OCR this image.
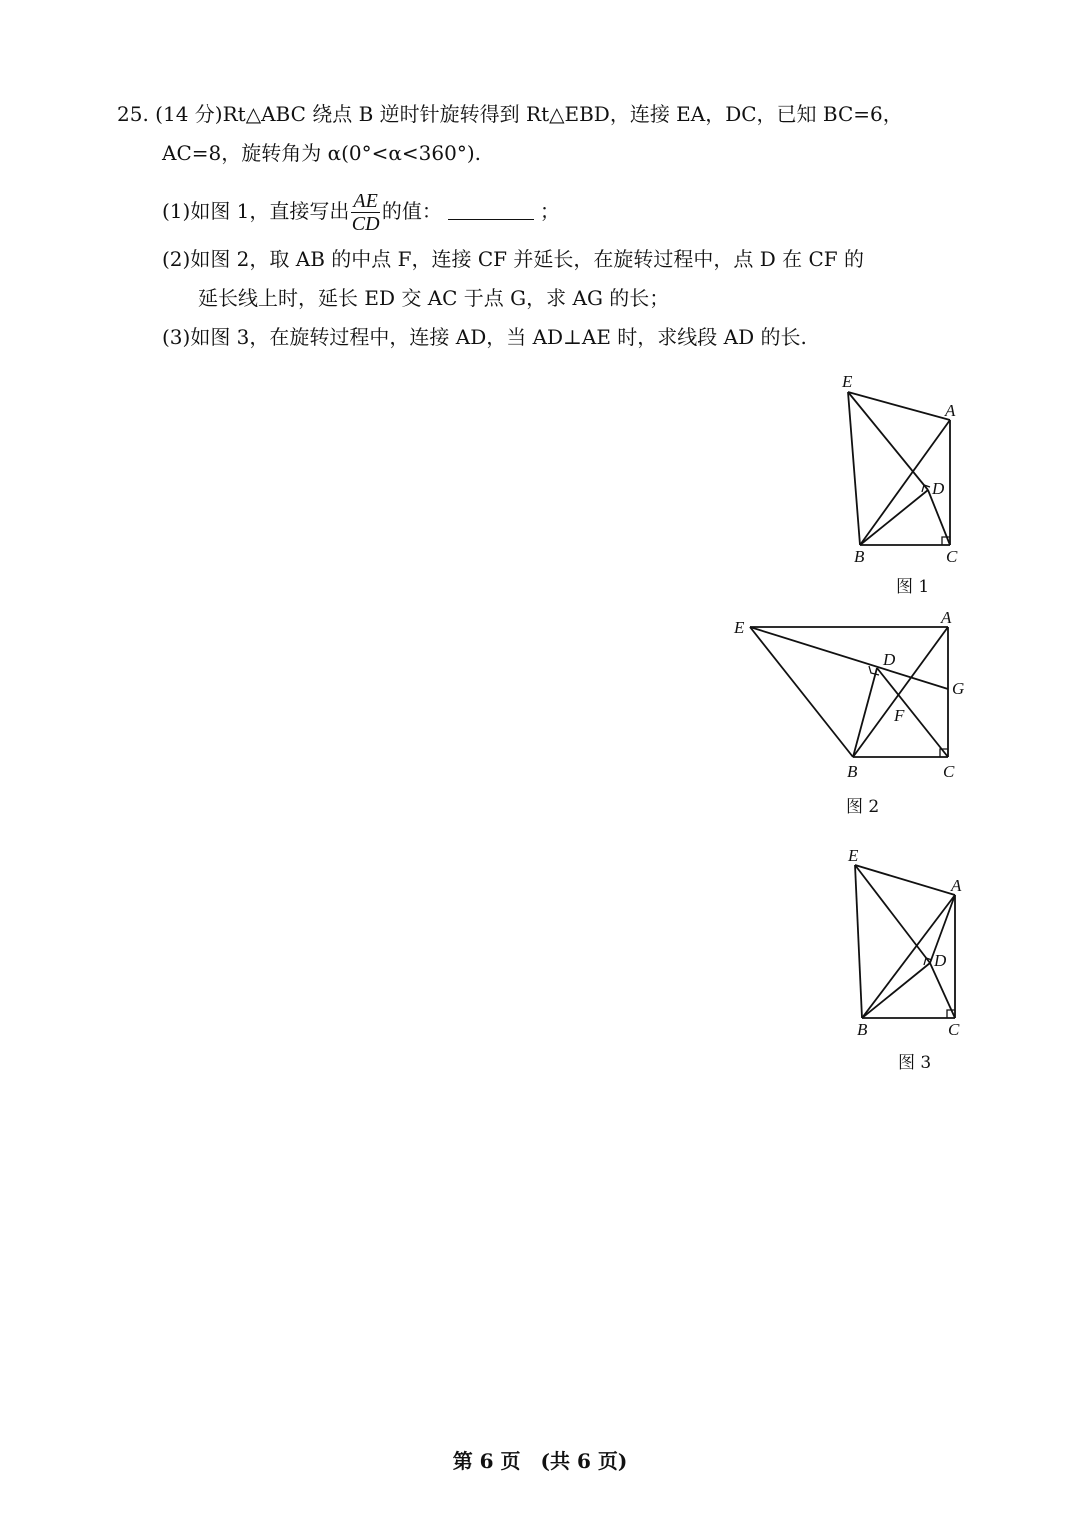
25. (14 分)Rt△ABC 绕点 B 逆时针旋转得到 Rt△EBD，连接 EA，DC，已知 BC=6，
AC=8，旋转角为 α(0°<α<360°).
(1)如图 1，直接写出 $\frac{AE}{CD}$ 的值：	；
(2)如图 2，取 AB 的中点 F，连接 CF 并延长，在旋转过程中，点 D 在 CF 的
延长线上时，延长 ED 交 AC 于点 G，求 AG 的长；
(3)如图 3，在旋转过程中，连接 AD，当 AD⊥AE 时，求线段 AD 的长.
E
A
D
B	C
图 1
E
A
D
G
F
B	C
图 2
E
A
D
B	C
图 3
第 6 页　(共 6 页)
